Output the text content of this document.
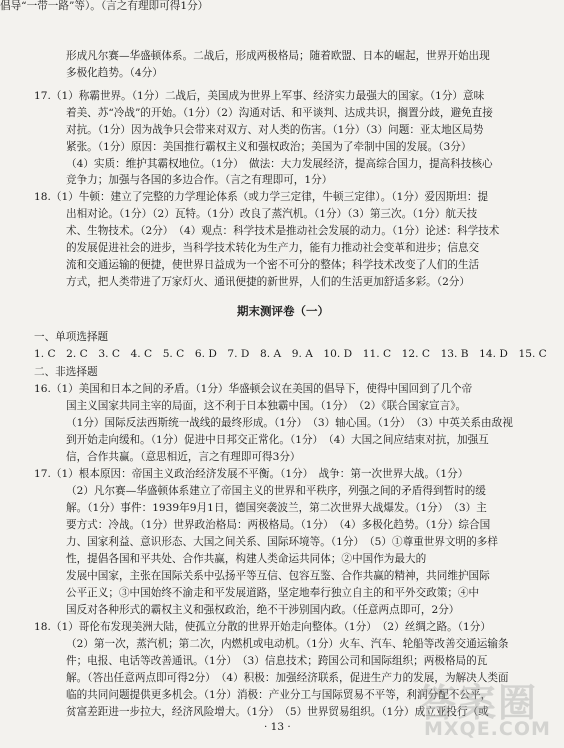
形成凡尔赛—华盛顿体系。二战后，形成两极格局；随着欧盟、日本的崛起，世界开始出现
多极化趋势。（4分）
17.（1）称霸世界。（1分）二战后，美国成为世界上军事、经济实力最强大的国家。（1分）意味
着美、苏“冷战”的开始。（1分）（2）沟通对话、和平谈判、达成共识，搁置分歧，避免直接
对抗。（1分）因为战争只会带来对双方、对人类的伤害。（1分）（3）问题：亚太地区局势
紧张。（1分）原因：美国推行霸权主义和强权政治；美国为了牵制中国的发展。（3分）
（4）实质：维护其霸权地位。（1分）　做法：大力发展经济，提高综合国力，提高科技核心
竞争力；加强与各国的多边合作。（言之有理即可，1分）
18.（1）牛顿：建立了完整的力学理论体系（或力学三定律，牛顿三定律）。（1分）爱因斯坦：提
出相对论。（1分）（2）瓦特。（1分）改良了蒸汽机。（1分）（3）第三次。（1分）航天技
术、生物技术。（2分）　（4）观点：科学技术是推动社会发展的动力。（1分）论述：科学技术
的发展促进社会的进步，当科学技术转化为生产力，能有力推动社会变革和进步；信息交
流和交通运输的便捷，使世界日益成为一个密不可分的整体；科学技术改变了人们的生活
方式，把人类带进了万家灯火、通讯便捷的新世界，人们的生活更加舒适多彩。（2分）
期末测评卷（一）
一、单项选择题
1. C　2. C　3. C　4. C　5. C　6. D　7. D　8. A　9. A　10. D　11. C　12. C　13. B　14. D　15. C
二、非选择题
16.（1）美国和日本之间的矛盾。（1分）华盛顿会议在美国的倡导下，使得中国回到了几个帝
国主义国家共同主宰的局面，这不利于日本独霸中国。（1分）　（2）《联合国家宣言》。
（1分）国际反法西斯统一战线的最终形成。（1分）　（3）轴心国。（1分）　（3）中英关系由敌视
到开始走向缓和。（1分）促进中日邦交正常化。（1分）　（4）大国之间应结束对抗，加强互
信，合作共赢。（意思相近，言之有理即可得3分）
17.（1）根本原因：帝国主义政治经济发展不平衡。（1分）　战争：第一次世界大战。（1分）
（2）凡尔赛—华盛顿体系建立了帝国主义的世界和平秩序，列强之间的矛盾得到暂时的缓
解。（1分）事件：1939年9月1日，德国突袭波兰，第二次世界大战爆发。（1分）　（3）主
要方式：冷战。（1分）世界政治格局：两极格局。（1分）　（4）多极化趋势。（1分）综合国
力、国家利益、意识形态、大国之间关系、国际环境等。（1分）　（5）①尊重世界文明的多样
性，提倡各国和平共处、合作共赢，构建人类命运共同体；②中国作为最大的
发展中国家，主张在国际关系中弘扬平等互信、包容互鉴、合作共赢的精神，共同维护国际
公平正义；③中国始终不渝走和平发展道路，坚定地奉行独立自主的和平外交政策；④中
国反对各种形式的霸权主义和强权政治，绝不干涉别国内政。（任意两点即可，2分）
18.（1）哥伦布发现美洲大陆，使孤立分散的世界开始走向整体。（1分）　（2）丝绸之路。（1分）
（2）第一次，蒸汽机；第二次，内燃机或电动机。（1分）火车、汽车、轮船等改善交通运输条
件；电报、电话等改善通讯。（1分）　（3）信息技术；跨国公司和国际组织；两极格局的瓦
解。（答出任意两点即可得2分）　（4）积极：加强经济联系，促进生产力的发展，为解决人类面
临的共同问题提供更多机会。（1分）消极：产业分工与国际贸易不平等，利润分配不公平，
贫富差距进一步拉大，经济风险增大。（1分）　（5）世界贸易组织。（1分）成立亚投行（或
倡导“一带一路”等）。（言之有理即可得1分）
· 13 ·
答案圈
MXQE.COM
